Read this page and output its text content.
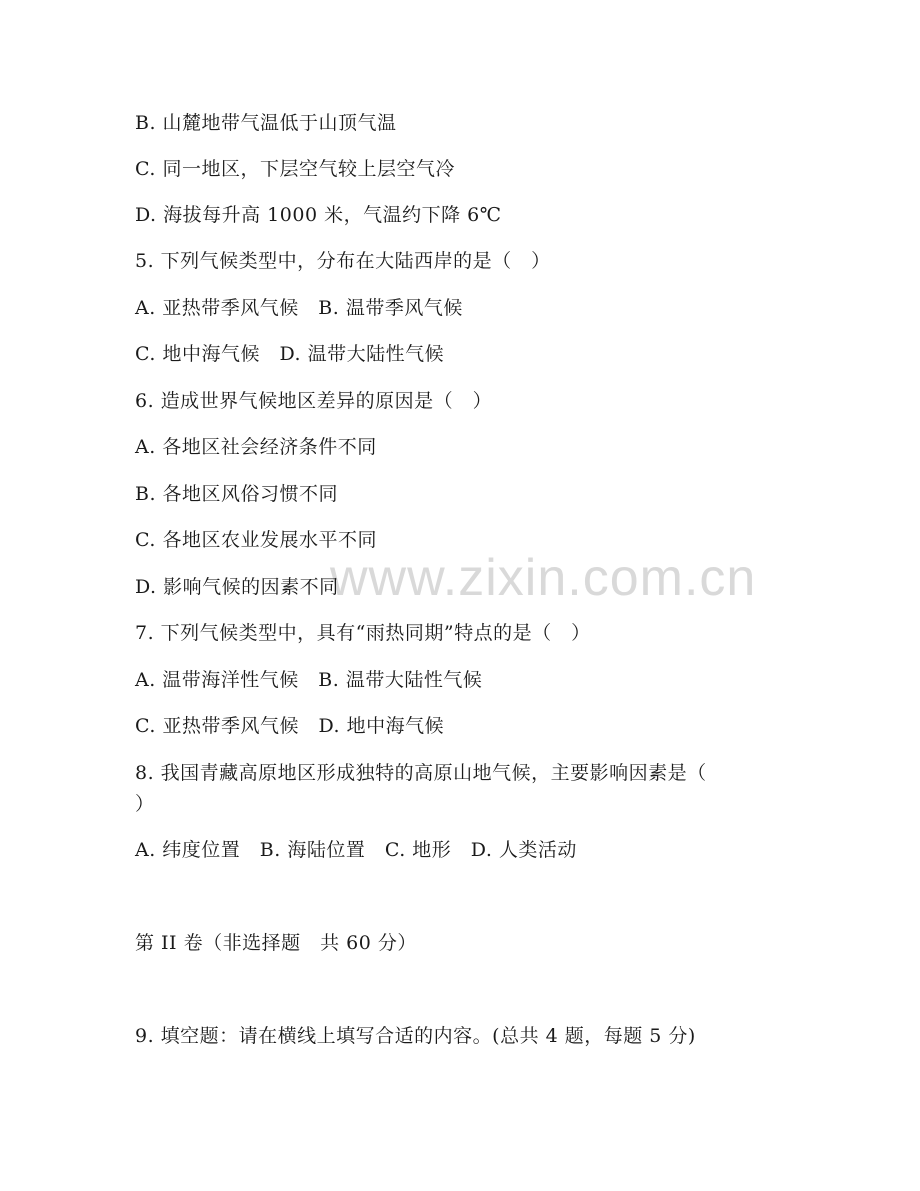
www.zixin.com.cn
B. 山麓地带气温低于山顶气温
C. 同一地区，下层空气较上层空气冷
D. 海拔每升高 1000 米，气温约下降 6℃
5. 下列气候类型中，分布在大陆西岸的是（　）
A. 亚热带季风气候　B. 温带季风气候
C. 地中海气候　D. 温带大陆性气候
6. 造成世界气候地区差异的原因是（　）
A. 各地区社会经济条件不同
B. 各地区风俗习惯不同
C. 各地区农业发展水平不同
D. 影响气候的因素不同
7. 下列气候类型中，具有“雨热同期”特点的是（　）
A. 温带海洋性气候　B. 温带大陆性气候
C. 亚热带季风气候　D. 地中海气候
8. 我国青藏高原地区形成独特的高原山地气候，主要影响因素是（
）
A. 纬度位置　B. 海陆位置　C. 地形　D. 人类活动
第 II 卷（非选择题　共 60 分）
9. 填空题：请在横线上填写合适的内容。(总共 4 题，每题 5 分)
